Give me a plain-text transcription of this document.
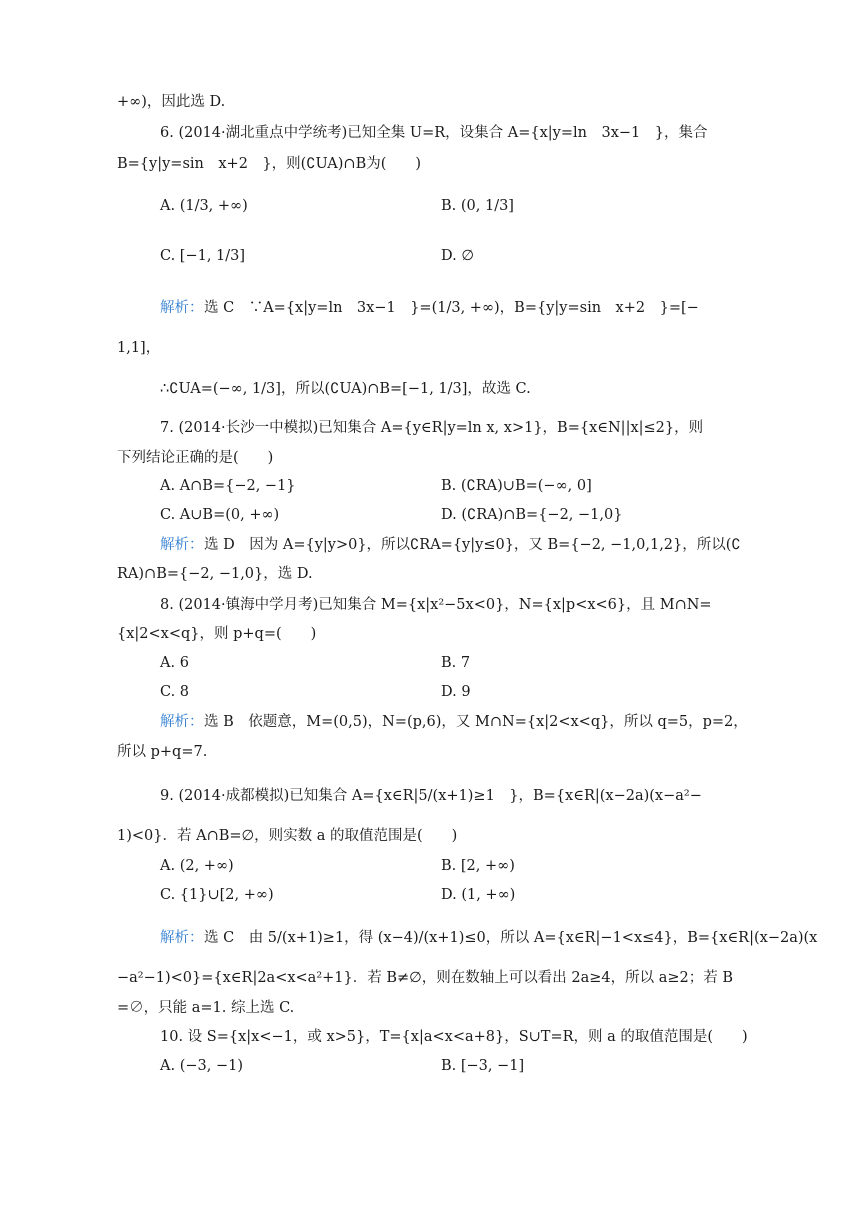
+∞)，因此选 D.
6. (2014·湖北重点中学统考)已知全集 U=R，设集合 A={x|y=ln　3x−1　}，集合
B={y|y=sin　x+2　}，则(∁UA)∩B为(　　)
A. (1/3, +∞)	B. (0, 1/3]
C. [−1, 1/3]	D. ∅
解析： 选 C　∵A={x|y=ln　3x−1　}=(1/3, +∞)，B={y|y=sin　x+2　}=[−
1,1]，
∴∁UA=(−∞, 1/3]，所以(∁UA)∩B=[−1, 1/3]，故选 C.
7. (2014·长沙一中模拟)已知集合 A={y∈R|y=ln x, x>1}，B={x∈N||x|≤2}，则
下列结论正确的是(　　)
A. A∩B={−2, −1}	B. (∁RA)∪B=(−∞, 0]
C. A∪B=(0, +∞)	D. (∁RA)∩B={−2, −1,0}
解析： 选 D　因为 A={y|y>0}，所以∁RA={y|y≤0}，又 B={−2, −1,0,1,2}，所以(∁
RA)∩B={−2, −1,0}，选 D.
8. (2014·镇海中学月考)已知集合 M={x|x²−5x<0}，N={x|p<x<6}，且 M∩N=
{x|2<x<q}，则 p+q=(　　)
A. 6	B. 7
C. 8	D. 9
解析： 选 B　依题意，M=(0,5)，N=(p,6)，又 M∩N={x|2<x<q}，所以 q=5，p=2，
所以 p+q=7.
9. (2014·成都模拟)已知集合 A={x∈R|5/(x+1)≥1　}，B={x∈R|(x−2a)(x−a²−
1)<0}．若 A∩B=∅，则实数 a 的取值范围是(　　)
A. (2, +∞)	B. [2, +∞)
C. {1}∪[2, +∞)	D. (1, +∞)
解析： 选 C　由 5/(x+1)≥1，得 (x−4)/(x+1)≤0，所以 A={x∈R|−1<x≤4}，B={x∈R|(x−2a)(x
−a²−1)<0}={x∈R|2a<x<a²+1}．若 B≠∅，则在数轴上可以看出 2a≥4，所以 a≥2；若 B
=∅，只能 a=1. 综上选 C.
10. 设 S={x|x<−1，或 x>5}，T={x|a<x<a+8}，S∪T=R，则 a 的取值范围是(　　)
A. (−3, −1)	B. [−3, −1]
